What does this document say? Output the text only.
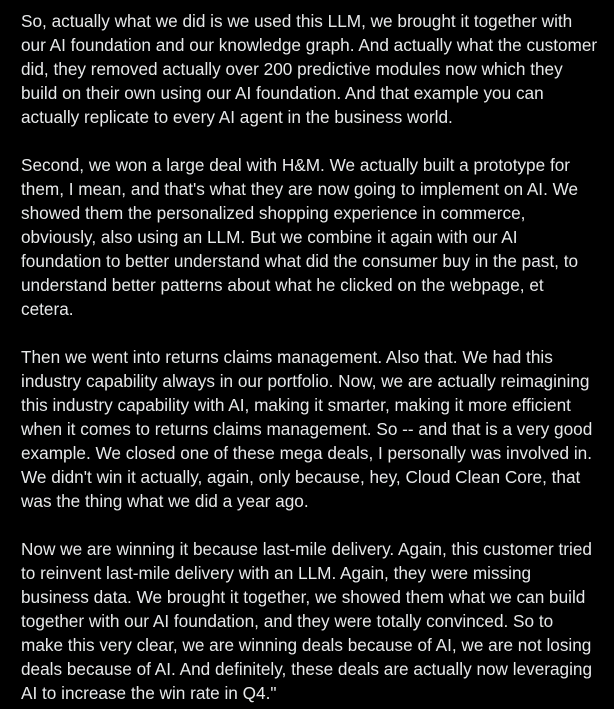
So, actually what we did is we used this LLM, we brought it together with our AI foundation and our knowledge graph. And actually what the customer did, they removed actually over 200 predictive modules now which they build on their own using our AI foundation. And that example you can actually replicate to every AI agent in the business world.

Second, we won a large deal with H&M. We actually built a prototype for them, I mean, and that's what they are now going to implement on AI. We showed them the personalized shopping experience in commerce, obviously, also using an LLM. But we combine it again with our AI foundation to better understand what did the consumer buy in the past, to understand better patterns about what he clicked on the webpage, et cetera.

Then we went into returns claims management. Also that. We had this industry capability always in our portfolio. Now, we are actually reimagining this industry capability with AI, making it smarter, making it more efficient when it comes to returns claims management. So -- and that is a very good example. We closed one of these mega deals, I personally was involved in. We didn't win it actually, again, only because, hey, Cloud Clean Core, that was the thing what we did a year ago.

Now we are winning it because last-mile delivery. Again, this customer tried to reinvent last-mile delivery with an LLM. Again, they were missing business data. We brought it together, we showed them what we can build together with our AI foundation, and they were totally convinced. So to make this very clear, we are winning deals because of AI, we are not losing deals because of AI. And definitely, these deals are actually now leveraging AI to increase the win rate in Q4."
